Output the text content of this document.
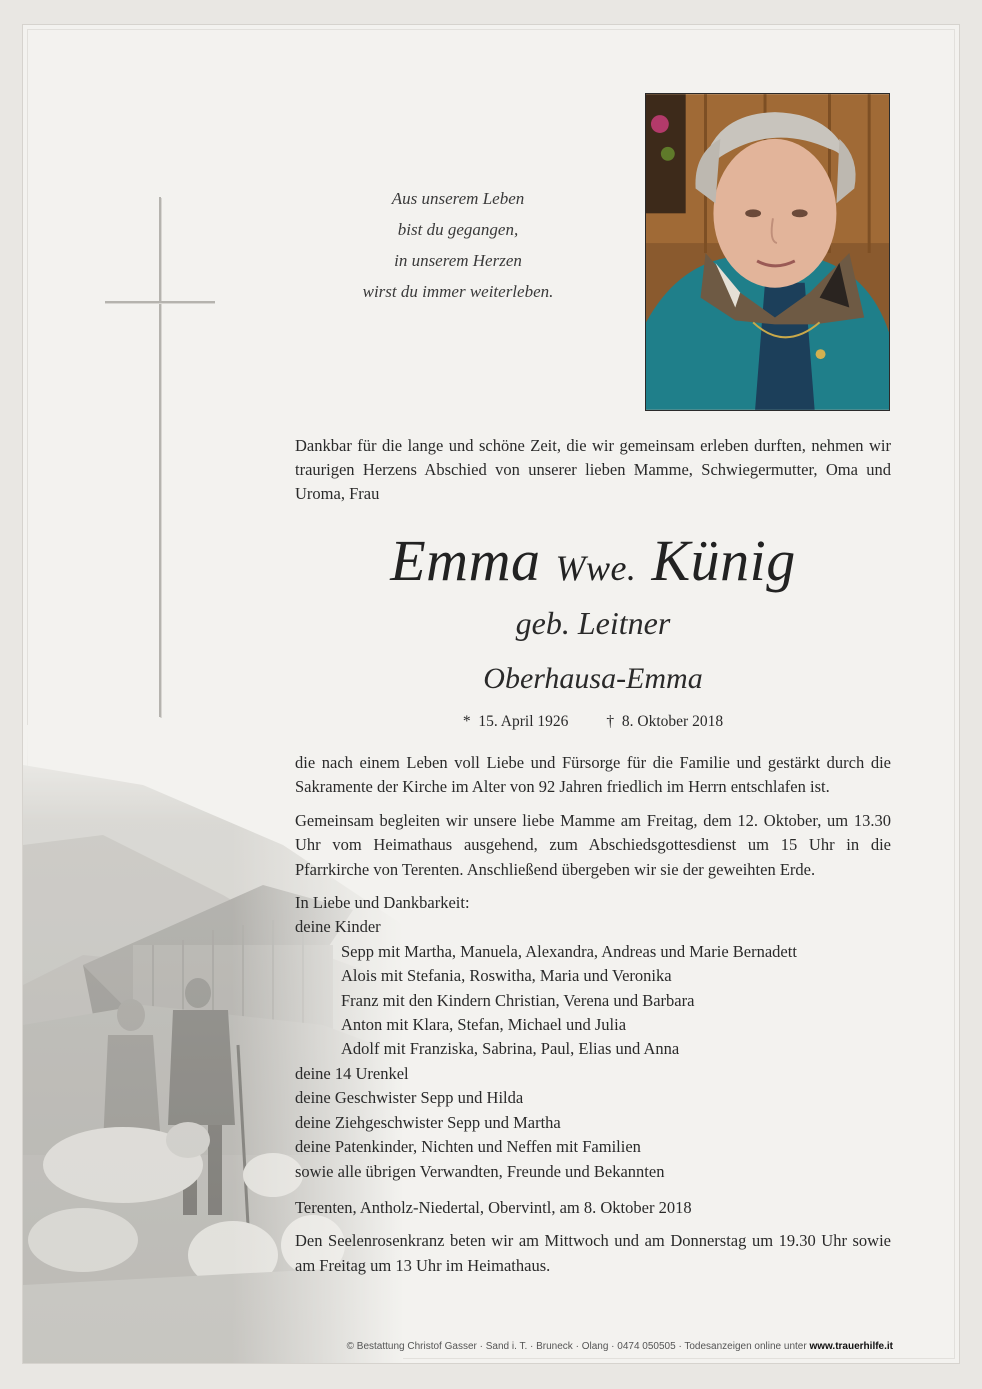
Aus unserem Leben
bist du gegangen,
in unserem Herzen
wirst du immer weiterleben.
Dankbar für die lange und schöne Zeit, die wir gemeinsam erleben durften, nehmen wir traurigen Herzens Abschied von unserer lieben Mamme, Schwiegermutter, Oma und Uroma, Frau
Emma Wwe. Künig
geb. Leitner
Oberhausa-Emma
* 15. April 1926 † 8. Oktober 2018
die nach einem Leben voll Liebe und Fürsorge für die Familie und gestärkt durch die Sakramente der Kirche im Alter von 92 Jahren friedlich im Herrn entschlafen ist.
Gemeinsam begleiten wir unsere liebe Mamme am Freitag, dem 12. Oktober, um 13.30 Uhr vom Heimathaus ausgehend, zum Abschiedsgottesdienst um 15 Uhr in die Pfarrkirche von Terenten. Anschließend übergeben wir sie der geweihten Erde.
In Liebe und Dankbarkeit:
deine Kinder
Sepp mit Martha, Manuela, Alexandra, Andreas und Marie Bernadett
Alois mit Stefania, Roswitha, Maria und Veronika
Franz mit den Kindern Christian, Verena und Barbara
Anton mit Klara, Stefan, Michael und Julia
Adolf mit Franziska, Sabrina, Paul, Elias und Anna
deine 14 Urenkel
deine Geschwister Sepp und Hilda
deine Ziehgeschwister Sepp und Martha
deine Patenkinder, Nichten und Neffen mit Familien
sowie alle übrigen Verwandten, Freunde und Bekannten
Terenten, Antholz-Niedertal, Obervintl, am 8. Oktober 2018
Den Seelenrosenkranz beten wir am Mittwoch und am Donnerstag um 19.30 Uhr sowie am Freitag um 13 Uhr im Heimathaus.
© Bestattung Christof Gasser · Sand i. T. · Bruneck · Olang · 0474 050505 · Todesanzeigen online unter www.trauerhilfe.it
